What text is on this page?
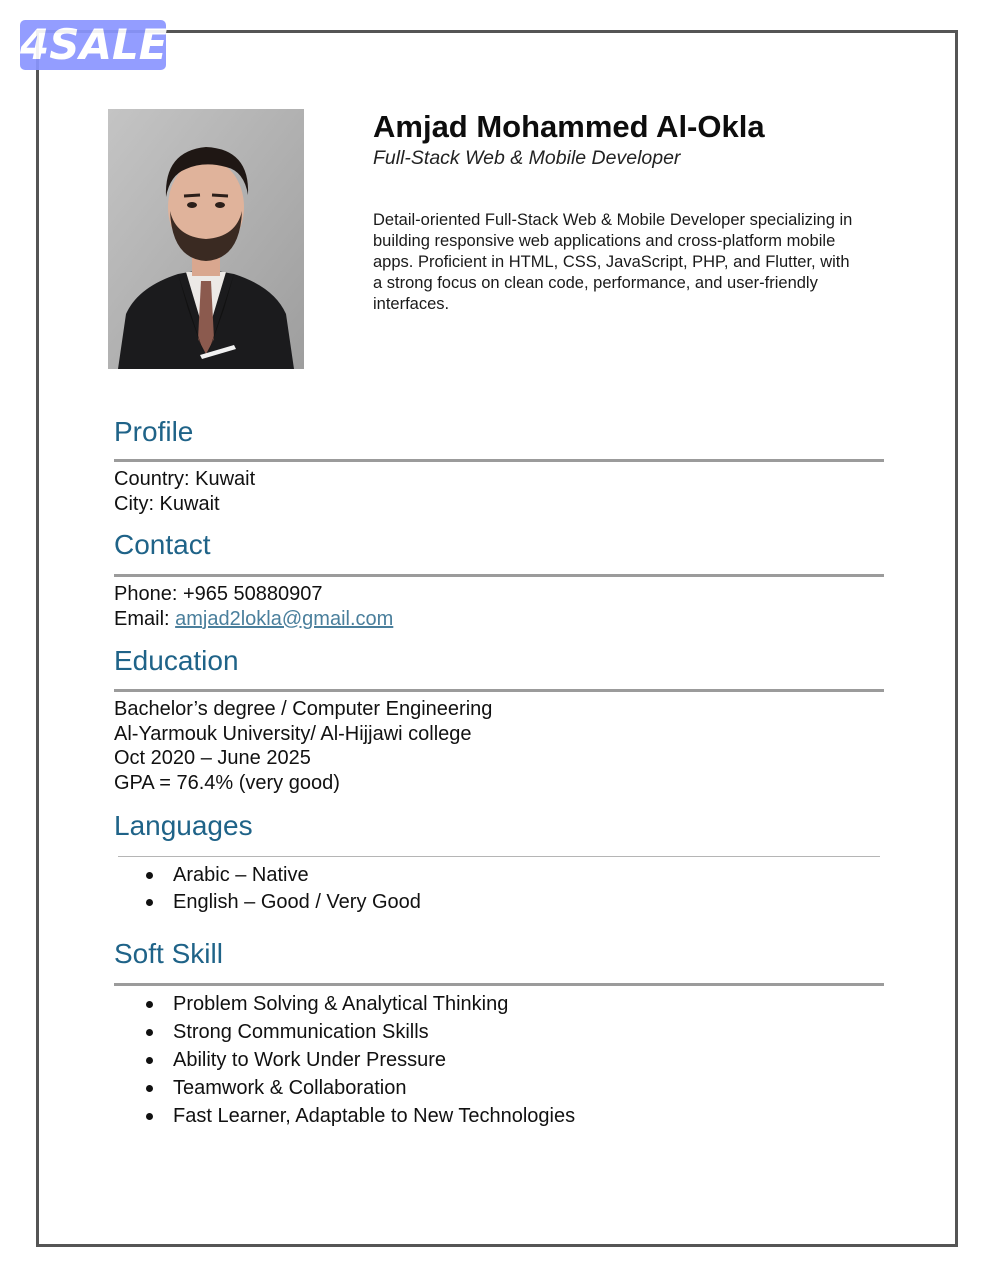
4SALE
Amjad Mohammed Al-Okla
Full-Stack Web & Mobile Developer
Detail-oriented Full-Stack Web & Mobile Developer specializing in building responsive web applications and cross-platform mobile apps. Proficient in HTML, CSS, JavaScript, PHP, and Flutter, with a strong focus on clean code, performance, and user-friendly interfaces.
Profile
Country: Kuwait
City: Kuwait
Contact
Phone: +965 50880907
Email: amjad2lokla@gmail.com
Education
Bachelor’s degree / Computer Engineering
Al-Yarmouk University/ Al-Hijjawi college
Oct 2020 – June 2025
GPA = 76.4% (very good)
Languages
Arabic – Native
English – Good / Very Good
Soft Skill
Problem Solving & Analytical Thinking
Strong Communication Skills
Ability to Work Under Pressure
Teamwork & Collaboration
Fast Learner, Adaptable to New Technologies
